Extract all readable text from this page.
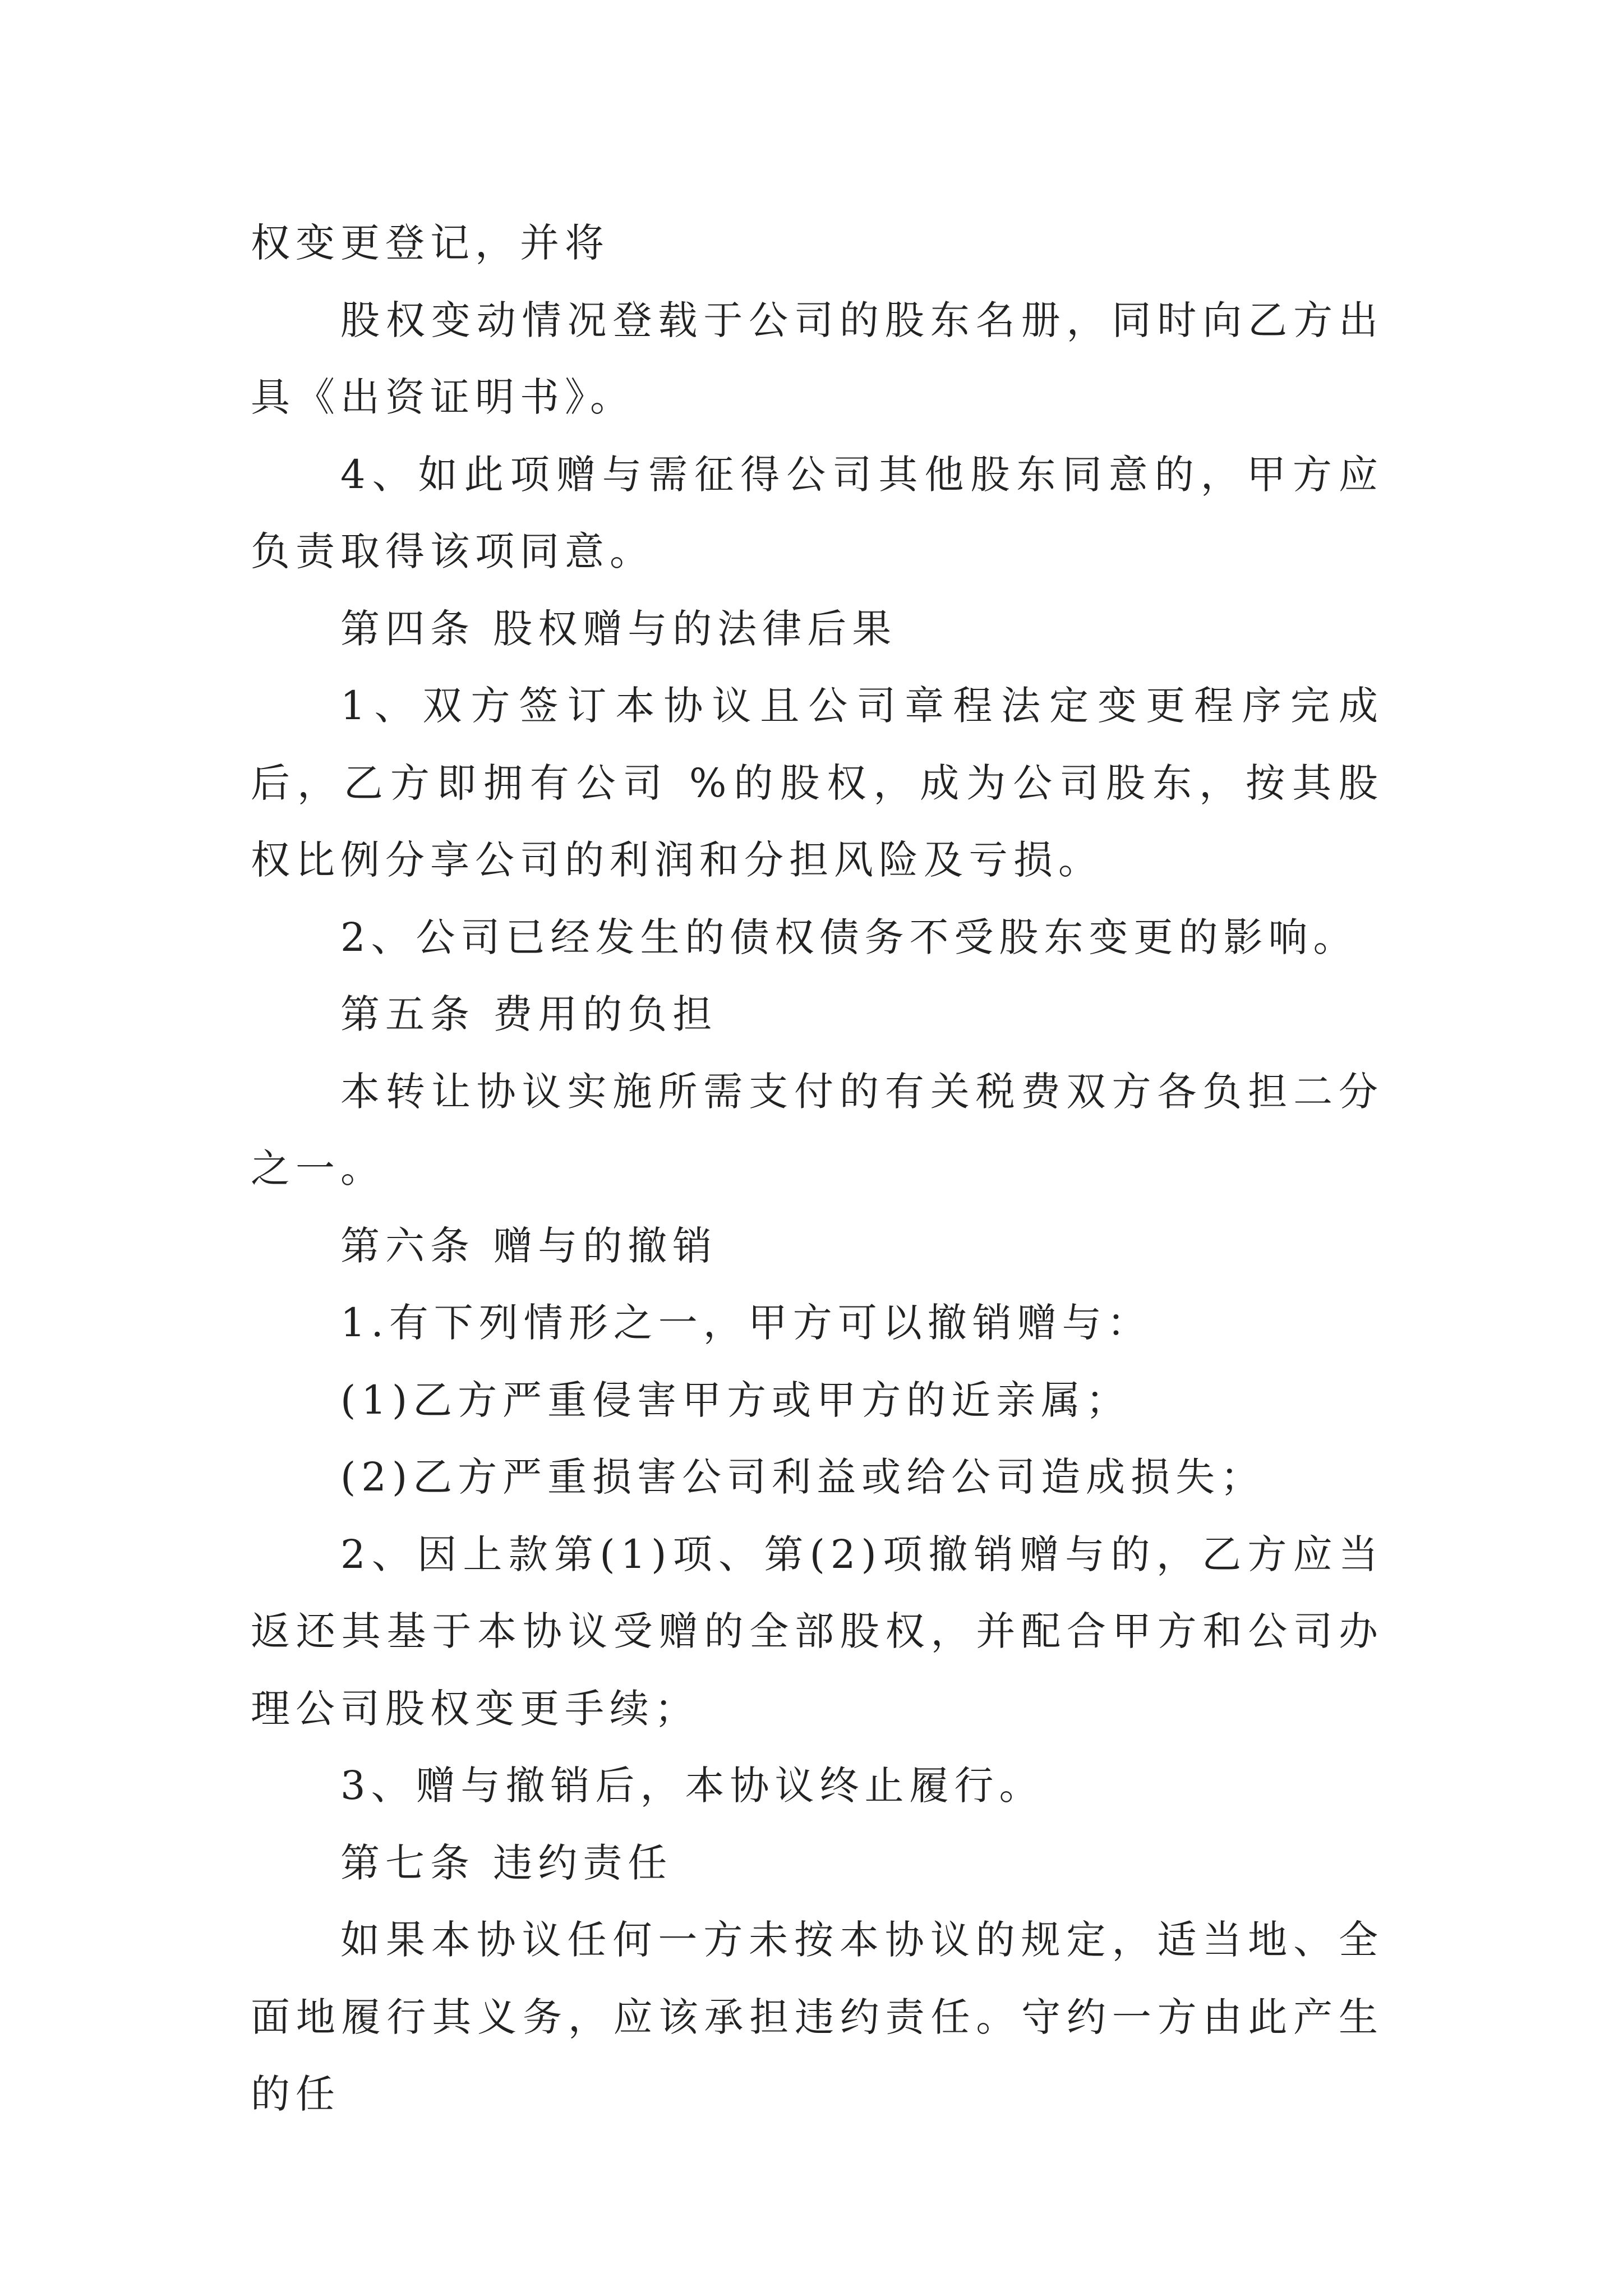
权变更登记，并将

股权变动情况登载于公司的股东名册，同时向乙方出具《出资证明书》。

4、如此项赠与需征得公司其他股东同意的，甲方应负责取得该项同意。

第四条 股权赠与的法律后果

1、双方签订本协议且公司章程法定变更程序完成后，乙方即拥有公司 %的股权，成为公司股东，按其股权比例分享公司的利润和分担风险及亏损。

2、公司已经发生的债权债务不受股东变更的影响。

第五条 费用的负担

本转让协议实施所需支付的有关税费双方各负担二分之一。

第六条 赠与的撤销

1.有下列情形之一，甲方可以撤销赠与：

(1)乙方严重侵害甲方或甲方的近亲属；

(2)乙方严重损害公司利益或给公司造成损失；

2、因上款第(1)项、第(2)项撤销赠与的，乙方应当返还其基于本协议受赠的全部股权，并配合甲方和公司办理公司股权变更手续；

3、赠与撤销后，本协议终止履行。

第七条 违约责任

如果本协议任何一方未按本协议的规定，适当地、全面地履行其义务，应该承担违约责任。守约一方由此产生的任
